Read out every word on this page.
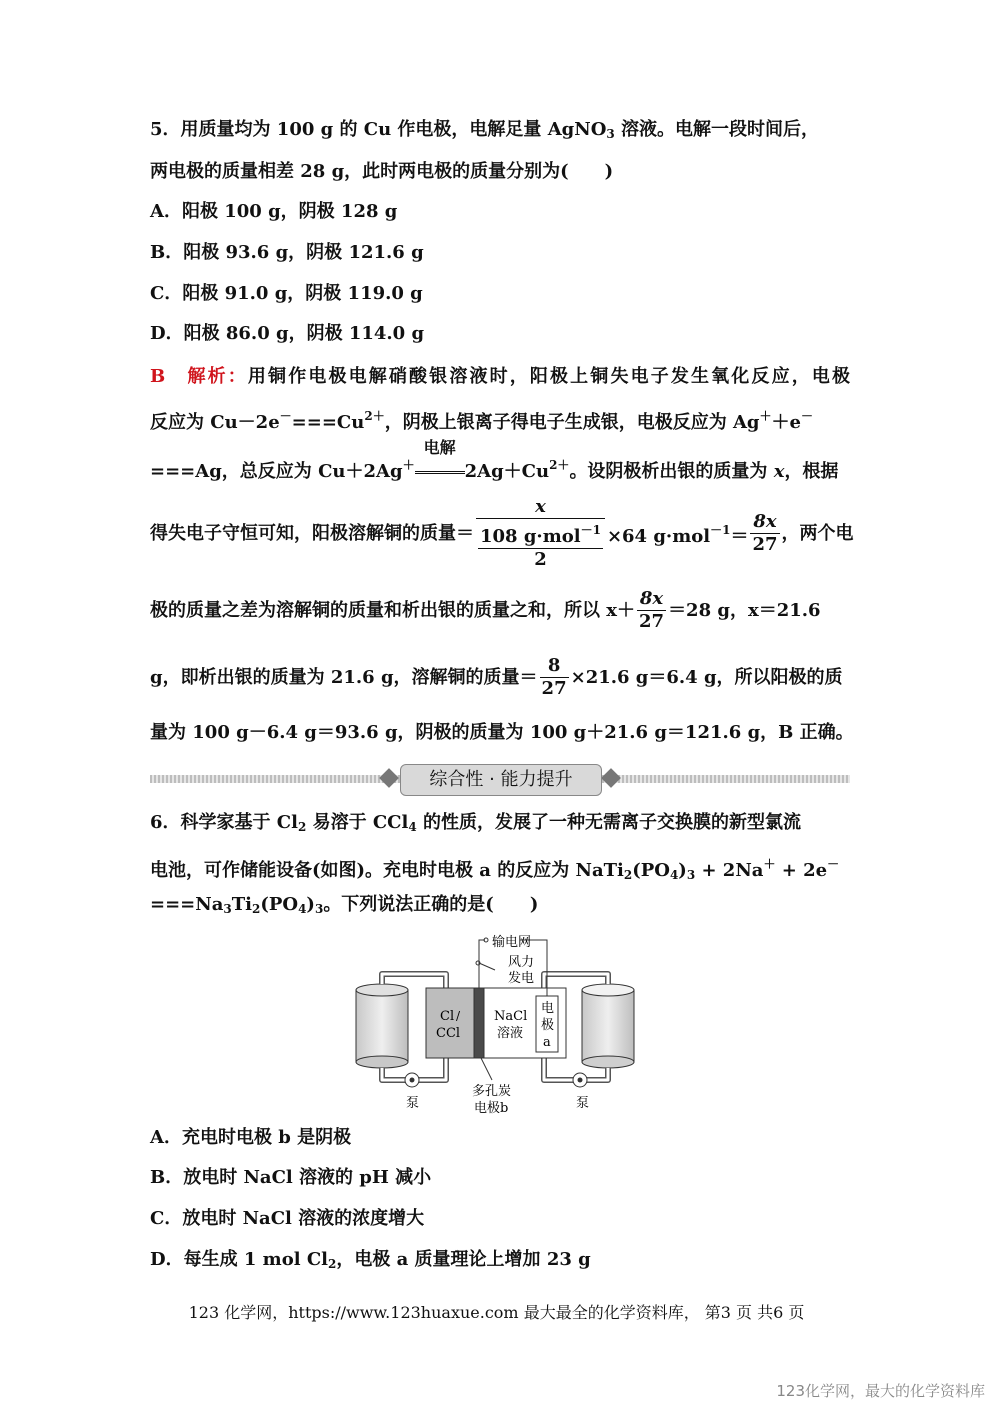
5．用质量均为 100 g 的 Cu 作电极，电解足量 AgNO$_3$ 溶液。电解一段时间后，
两电极的质量相差 28 g，此时两电极的质量分别为(　　)
A．阳极 100 g，阴极 128 g
B．阳极 93.6 g，阴极 121.6 g
C．阳极 91.0 g，阴极 119.0 g
D．阳极 86.0 g，阴极 114.0 g
B　 解析：用铜作电极电解硝酸银溶液时，阳极上铜失电子发生氧化反应，电极
反应为 $Cu-2e^-===Cu^{2+}$，阴极上银离子得电子生成银，电极反应为 Ag＋＋e－
===Ag，总反应为 Cu＋2Ag＋
电解
$2Ag+Cu^{2+}$。设阴极析出银的质量为 x，根据
得失电子守恒可知，阳极溶解铜的质量＝
x
108 g·mol$^{-1}$
2
×64 $g\cdot mol^{-1}= \frac{8x}{27}$ ，两个电
极的质量之差为溶解铜的质量和析出银的质量之和，所以 $x+ \frac{8x}{27} =28$ g，x＝21.6
g，即析出银的质量为 21.6 g，溶解铜的质量＝ $\frac{8}{27} \times 21.6$ g＝6.4 g，所以阳极的质
量为 100 g－6.4 g＝93.6 g，阴极的质量为 100 g＋21.6 g＝121.6 g，B 正确。
综合性 · 能力提升
6．科学家基于 $Cl_2$ 易溶于 CCl$_4$ 的性质，发展了一种无需离子交换膜的新型氯流
电池，可作储能设备(如图)。充电时电极 a 的反应为 $NaTi_2(PO_4)_3 + 2Na^+ + 2e^-$
$===Na_3Ti_2(PO_4)_3$。下列说法正确的是(　　)
输电网
风力
发电
Cl /
CCl
NaCl
溶液
电
极
a
泵	泵
多孔炭
电极b
A．充电时电极 b 是阴极
B．放电时 NaCl 溶液的 pH 减小
C．放电时 NaCl 溶液的浓度增大
D．每生成 1 mol $Cl_2$，电极 a 质量理论上增加 23 g
123 化学网，https://www.123huaxue.com 最大最全的化学资料库， 第3 页 共6 页
123化学网，最大的化学资料库
